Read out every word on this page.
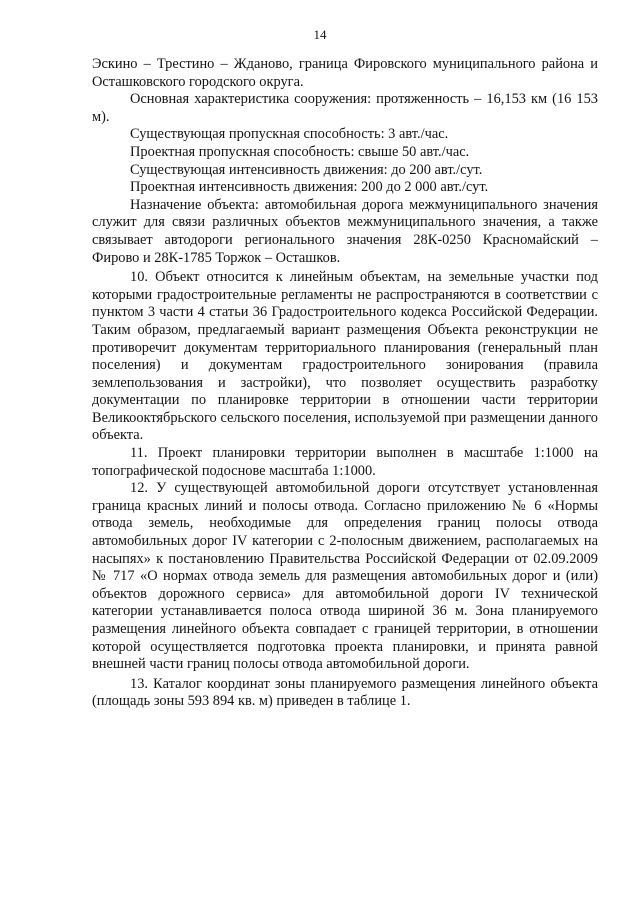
14

Эскино – Трестино – Жданово, граница Фировского муниципального района и Осташковского городского округа.

Основная характеристика сооружения: протяженность – 16,153 км (16 153 м).

Существующая пропускная способность: 3 авт./час.

Проектная пропускная способность: свыше 50 авт./час.

Существующая интенсивность движения: до 200 авт./сут.

Проектная интенсивность движения: 200 до 2 000 авт./сут.

Назначение объекта: автомобильная дорога межмуниципального значения служит для связи различных объектов межмуниципального значения, а также связывает автодороги регионального значения 28К-0250 Красномайский – Фирово и 28К-1785 Торжок – Осташков.

10. Объект относится к линейным объектам, на земельные участки под которыми градостроительные регламенты не распространяются в соответствии с пунктом 3 части 4 статьи 36 Градостроительного кодекса Российской Федерации. Таким образом, предлагаемый вариант размещения Объекта реконструкции не противоречит документам территориального планирования (генеральный план поселения) и документам градостроительного зонирования (правила землепользования и застройки), что позволяет осуществить разработку документации по планировке территории в отношении части территории Великооктябрьского сельского поселения, используемой при размещении данного объекта.

11. Проект планировки территории выполнен в масштабе 1:1000 на топографической подоснове масштаба 1:1000.

12. У существующей автомобильной дороги отсутствует установленная граница красных линий и полосы отвода. Согласно приложению № 6 «Нормы отвода земель, необходимые для определения границ полосы отвода автомобильных дорог IV категории с 2-полосным движением, располагаемых на насыпях» к постановлению Правительства Российской Федерации от 02.09.2009 № 717 «О нормах отвода земель для размещения автомобильных дорог и (или) объектов дорожного сервиса» для автомобильной дороги IV технической категории устанавливается полоса отвода шириной 36 м. Зона планируемого размещения линейного объекта совпадает с границей территории, в отношении которой осуществляется подготовка проекта планировки, и принята равной внешней части границ полосы отвода автомобильной дороги.

13. Каталог координат зоны планируемого размещения линейного объекта (площадь зоны 593 894 кв. м) приведен в таблице 1.
